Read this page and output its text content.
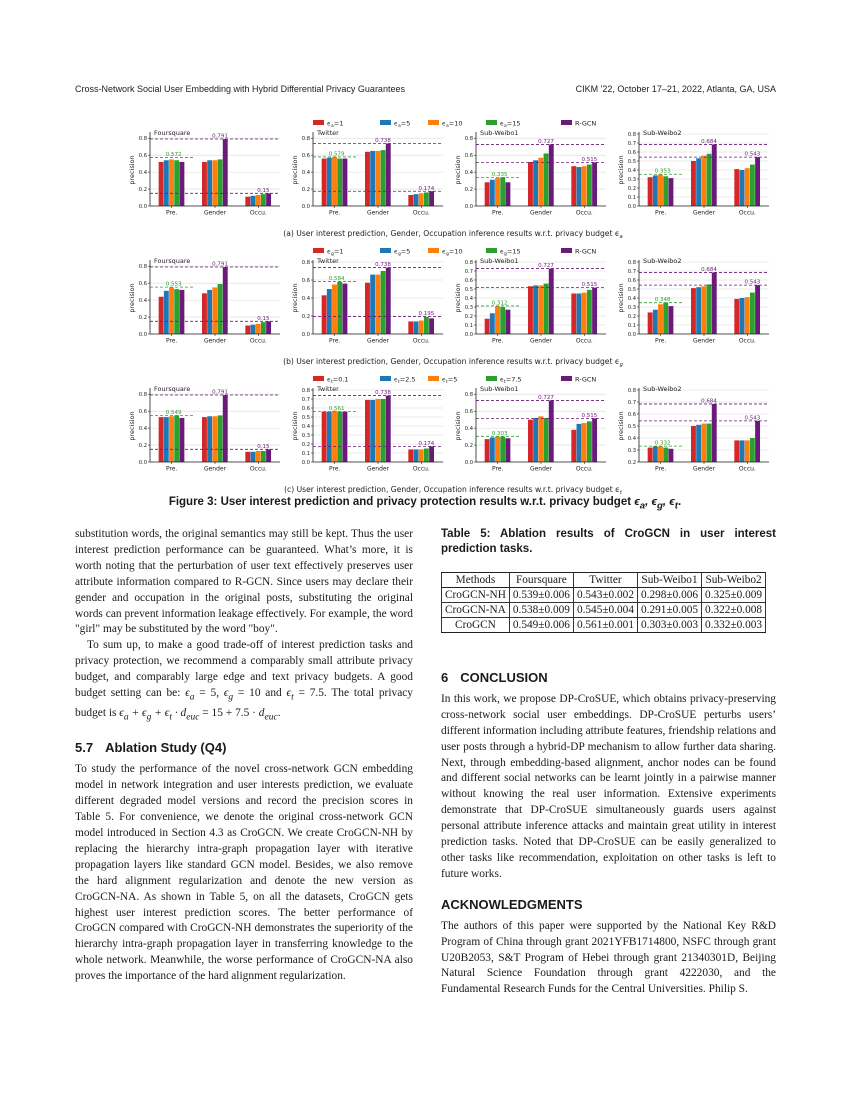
Cross-Network Social User Embedding with Hybrid Differential Privacy Guarantees	CIKM '22, October 17–21, 2022, Atlanta, GA, USA
$\epsilon_a=1$	$\epsilon_a=5$	$\epsilon_a=10$	$\epsilon_a=15$	R-GCN
0.0
0.2
0.4
0.6
0.8
Pre.	Gender	Occu.
0.791
0.572
0.15
Foursquare
precision
0.0
0.2
0.4
0.6
0.8
Pre.	Gender	Occu.
0.738
0.579
0.174
Twitter
precision
0.0
0.2
0.4
0.6
0.8
Pre.	Gender	Occu.
0.727
0.335
0.515
Sub-Weibo1
precision
0.0
0.1
0.2
0.3
0.4
0.5
0.6
0.7
0.8
Pre.	Gender	Occu.
0.684
0.353
0.543
Sub-Weibo2
precision
(a) User interest prediction, Gender, Occupation inference results w.r.t. privacy budget $\epsilon_a$
$\epsilon_g=1$	$\epsilon_g=5$	$\epsilon_g=10$	$\epsilon_g=15$	R-GCN
0.0
0.2
0.4
0.6
0.8
Pre.	Gender	Occu.
0.791
0.553
0.15
Foursquare
precision
0.0
0.2
0.4
0.6
0.8
Pre.	Gender	Occu.
0.738
0.584
0.195
Twitter
precision
0.0
0.1
0.2
0.3
0.4
0.5
0.6
0.7
0.8
Pre.	Gender	Occu.
0.727
0.312
0.515
Sub-Weibo1
precision
0.0
0.1
0.2
0.3
0.4
0.5
0.6
0.7
0.8
Pre.	Gender	Occu.
0.684
0.348
0.543
Sub-Weibo2
precision
(b) User interest prediction, Gender, Occupation inference results w.r.t. privacy budget $\epsilon_g$
$\epsilon_t=0.1$	$\epsilon_t=2.5$	$\epsilon_t=5$	$\epsilon_t=7.5$	R-GCN
0.0
0.2
0.4
0.6
0.8
Pre.	Gender	Occu.
0.791
0.549
0.15
Foursquare
precision
0.0
0.1
0.2
0.3
0.4
0.5
0.6
0.7
0.8
Pre.	Gender	Occu.
0.738
0.561
0.174
Twitter
precision
0.0
0.2
0.4
0.6
0.8
Pre.	Gender	Occu.
0.727
0.303
0.515
Sub-Weibo1
precision
0.2
0.3
0.4
0.5
0.6
0.7
0.8
Pre.	Gender	Occu.
0.684
0.332
0.543
Sub-Weibo2
precision
(c) User interest prediction, Gender, Occupation inference results w.r.t. privacy budget $\epsilon_t$
Figure 3: User interest prediction and privacy protection results w.r.t. privacy budget $\epsilon_a$, $\epsilon_g$, $\epsilon_t$.

substitution words, the original semantics may still be kept. Thus the user interest prediction performance can be guaranteed. What’s more, it is worth noting that the perturbation of user text effectively preserves user attribute information compared to R-GCN. Since users may declare their gender and occupation in the original posts, substituting the original words can prevent information leakage effectively. For example, the word "girl" may be substituted by the word "boy".

To sum up, to make a good trade-off of interest prediction tasks and privacy protection, we recommend a comparably small attribute privacy budget, and comparably large edge and text privacy budgets. A good budget setting can be: $\epsilon_a = 5$, $\epsilon_g = 10$ and $\epsilon_t = 7.5$. The total privacy budget is $\epsilon_a + \epsilon_g + \epsilon_t \cdot d_{euc} = 15 + 7.5 \cdot d_{euc}$.

5.7 Ablation Study (Q4)

To study the performance of the novel cross-network GCN embedding model in network integration and user interests prediction, we evaluate different degraded model versions and record the precision scores in Table 5. For convenience, we denote the original cross-network GCN model introduced in Section 4.3 as CroGCN. We create CroGCN-NH by replacing the hierarchy intra-graph propagation layer with iterative propagation layers like standard GCN model. Besides, we also remove the hard alignment regularization and denote the new version as CroGCN-NA. As shown in Table 5, on all the datasets, CroGCN gets highest user interest prediction scores. The better performance of CroGCN compared with CroGCN-NH demonstrates the superiority of the hierarchy intra-graph propagation layer in transferring knowledge to the whole network. Meanwhile, the worse performance of CroGCN-NA also proves the importance of the hard alignment regularization.

Table 5: Ablation results of CroGCN in user interest prediction tasks.
Methods	Foursquare	Twitter	Sub-Weibo1	Sub-Weibo2
CroGCN-NH	0.539±0.006	0.543±0.002	0.298±0.006	0.325±0.009
CroGCN-NA	0.538±0.009	0.545±0.004	0.291±0.005	0.322±0.008
CroGCN	0.549±0.006	0.561±0.001	0.303±0.003	0.332±0.003
6 CONCLUSION

In this work, we propose DP-CroSUE, which obtains privacy-preserving cross-network social user embeddings. DP-CroSUE perturbs users’ different information including attribute features, friendship relations and user posts through a hybrid-DP mechanism to allow further data sharing. Next, through embedding-based alignment, anchor nodes can be found and different social networks can be learnt jointly in a pairwise manner without knowing the real user information. Extensive experiments demonstrate that DP-CroSUE simultaneously guards users against personal attribute inference attacks and maintain great utility in interest prediction tasks. Noted that DP-CroSUE can be easily generalized to other tasks like recommendation, exploitation on other tasks is left to future works.

ACKNOWLEDGMENTS

The authors of this paper were supported by the National Key R&D Program of China through grant 2021YFB1714800, NSFC through grant U20B2053, S&T Program of Hebei through grant 21340301D, Beijing Natural Science Foundation through grant 4222030, and the Fundamental Research Funds for the Central Universities. Philip S.
